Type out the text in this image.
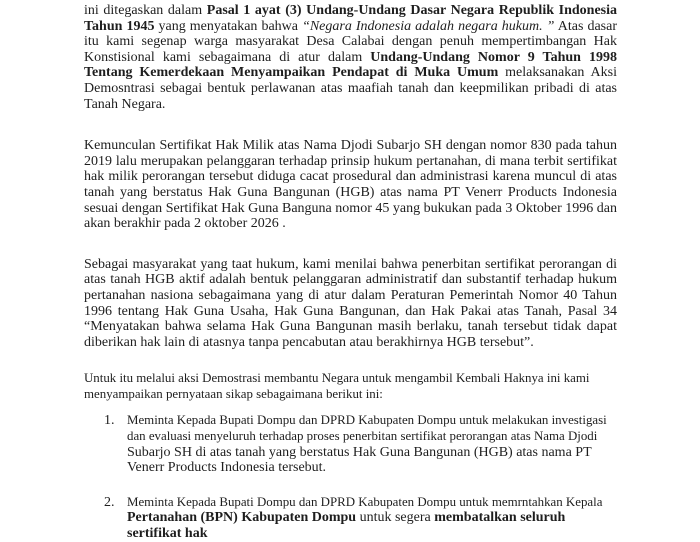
ini ditegaskan dalam Pasal 1 ayat (3) Undang-Undang Dasar Negara Republik Indonesia Tahun 1945 yang menyatakan bahwa “Negara Indonesia adalah negara hukum. ” Atas dasar itu kami segenap warga masyarakat Desa Calabai dengan penuh mempertimbangan Hak Konstisional kami sebagaimana di atur dalam Undang-Undang Nomor 9 Tahun 1998 Tentang Kemerdekaan Menyampaikan Pendapat di Muka Umum melaksanakan Aksi Demosntrasi sebagai bentuk perlawanan atas maafiah tanah dan keepmilikan pribadi di atas Tanah Negara.
Kemunculan Sertifikat Hak Milik atas Nama Djodi Subarjo SH dengan nomor 830 pada tahun 2019 lalu merupakan pelanggaran terhadap prinsip hukum pertanahan, di mana terbit sertifikat hak milik perorangan tersebut diduga cacat prosedural dan administrasi karena muncul di atas tanah yang berstatus Hak Guna Bangunan (HGB) atas nama PT Venerr Products Indonesia sesuai dengan Sertifikat Hak Guna Banguna nomor 45 yang bukukan pada 3 Oktober 1996 dan akan berakhir pada 2 oktober 2026 .
Sebagai masyarakat yang taat hukum, kami menilai bahwa penerbitan sertifikat perorangan di atas tanah HGB aktif adalah bentuk pelanggaran administratif dan substantif terhadap hukum pertanahan nasiona sebagaimana yang di atur dalam Peraturan Pemerintah Nomor 40 Tahun 1996 tentang Hak Guna Usaha, Hak Guna Bangunan, dan Hak Pakai atas Tanah, Pasal 34 “Menyatakan bahwa selama Hak Guna Bangunan masih berlaku, tanah tersebut tidak dapat diberikan hak lain di atasnya tanpa pencabutan atau berakhirnya HGB tersebut”.
Untuk itu melalui aksi Demostrasi membantu Negara untuk mengambil Kembali Haknya ini kami menyampaikan pernyataan sikap sebagaimana berikut ini:
1. Meminta Kepada Bupati Dompu dan DPRD Kabupaten Dompu untuk melakukan investigasi dan evaluasi menyeluruh terhadap proses penerbitan sertifikat perorangan atas Nama Djodi Subarjo SH di atas tanah yang berstatus Hak Guna Bangunan (HGB) atas nama PT Venerr Products Indonesia tersebut.
2. Meminta Kepada Bupati Dompu dan DPRD Kabupaten Dompu untuk memrntahkan Kepala Pertanahan (BPN) Kabupaten Dompu untuk segera membatalkan seluruh sertifikat hak
